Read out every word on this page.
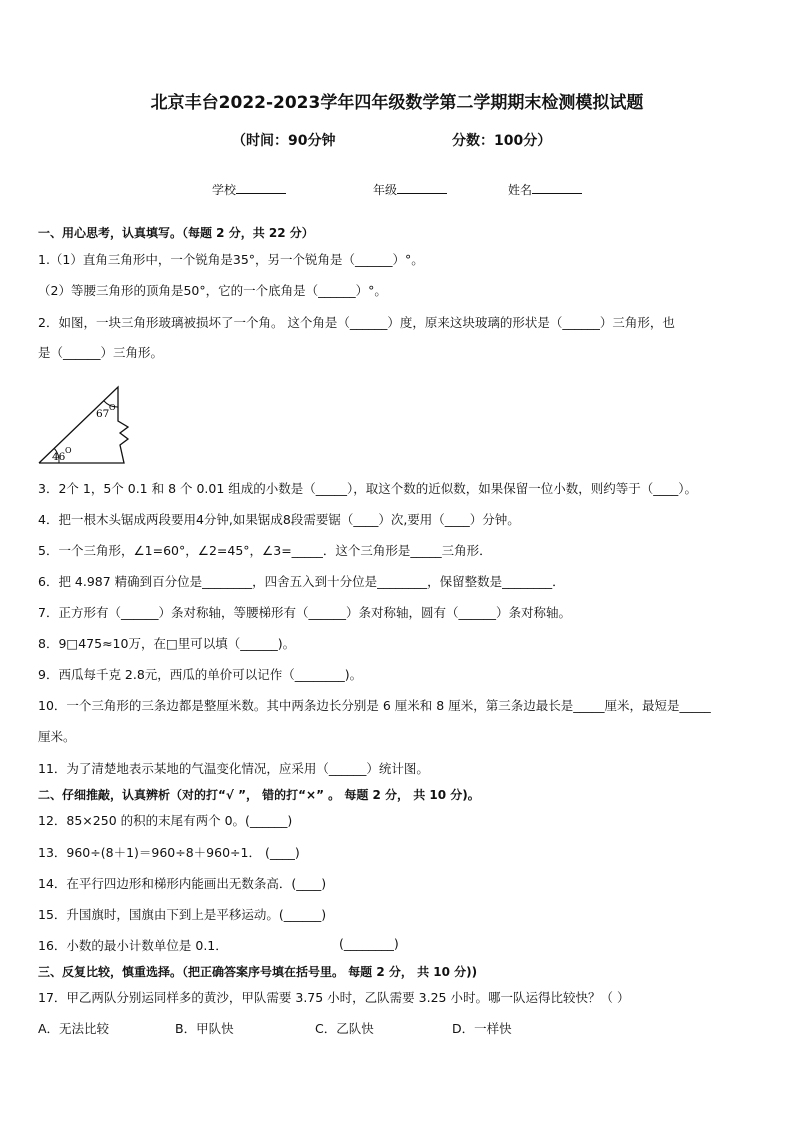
北京丰台2022-2023学年四年级数学第二学期期末检测模拟试题
（时间：90分钟	分数：100分）
学校	年级	姓名
一、用心思考，认真填写。（每题 2 分，共 22 分）
1.（1）直角三角形中，一个锐角是35°，另一个锐角是（______）°。
（2）等腰三角形的顶角是50°，它的一个底角是（______）°。
2．如图，一块三角形玻璃被损坏了一个角。 这个角是（______）度，原来这块玻璃的形状是（______）三角形，也
是（______）三角形。
67
O
46
O
3．2个 1，5个 0.1 和 8 个 0.01 组成的小数是（_____），取这个数的近似数，如果保留一位小数，则约等于（____）。
4．把一根木头锯成两段要用4分钟,如果锯成8段需要锯（____）次,要用（____）分钟。
5．一个三角形，∠1=60°，∠2=45°，∠3=_____．这个三角形是_____三角形．
6．把 4.987 精确到百分位是________，四舍五入到十分位是________，保留整数是________．
7．正方形有（______）条对称轴，等腰梯形有（______）条对称轴，圆有（______）条对称轴。
8．9□475≈10万，在□里可以填（______)。
9．西瓜每千克 2.8元，西瓜的单价可以记作（________)。
10．一个三角形的三条边都是整厘米数。其中两条边长分别是 6 厘米和 8 厘米，第三条边最长是_____厘米，最短是_____
厘米。
11．为了清楚地表示某地的气温变化情况，应采用（______）统计图。
二、仔细推敲，认真辨析（对的打“√ ”， 错的打“×” 。 每题 2 分， 共 10 分)。
12．85×250 的积的末尾有两个 0。(______)
13．960÷(8＋1)＝960÷8＋960÷1． (____)
14．在平行四边形和梯形内能画出无数条高．(____)
15．升国旗时，国旗由下到上是平移运动。(______)
16．小数的最小计数单位是 0.1．	(________)
三、反复比较，慎重选择。（把正确答案序号填在括号里。 每题 2 分， 共 10 分))
17．甲乙两队分别运同样多的黄沙，甲队需要 3.75 小时，乙队需要 3.25 小时。哪一队运得比较快？（ ）
A．无法比较	B．甲队快	C．乙队快	D．一样快
